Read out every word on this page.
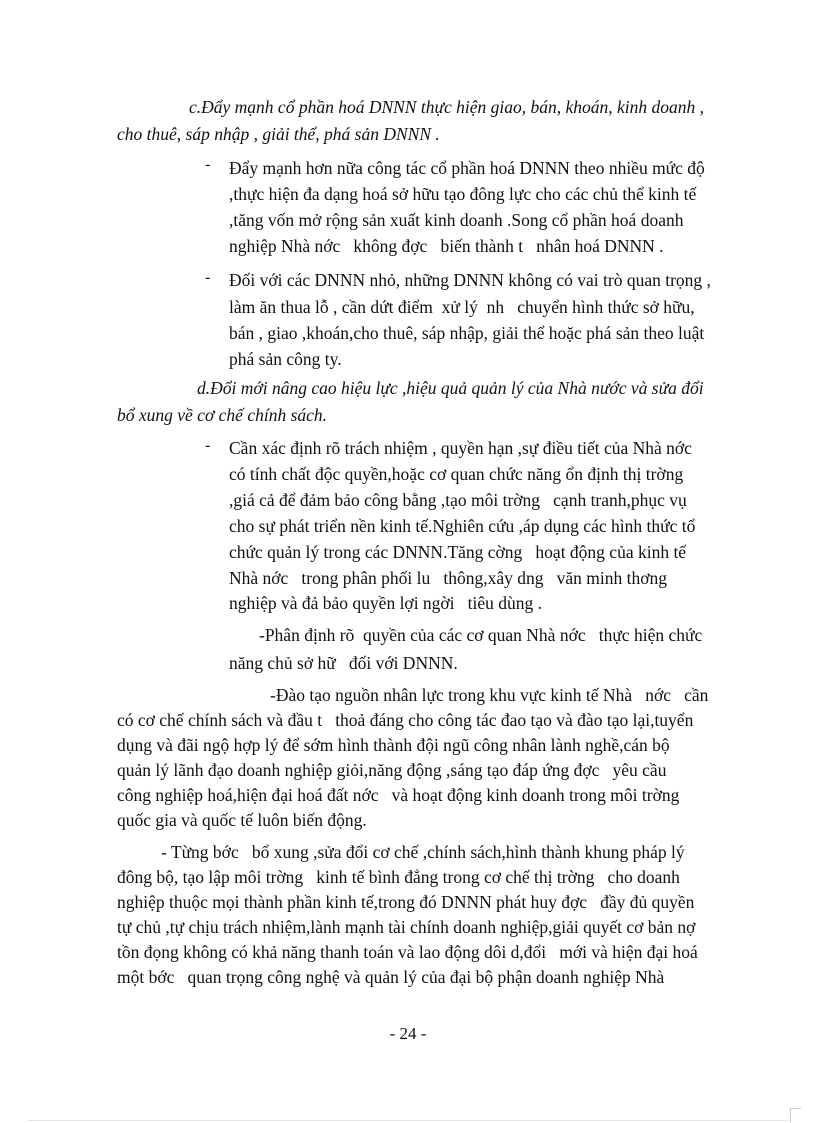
c.Đẩy mạnh cổ phần hoá DNNN thực hiện giao, bán, khoán, kinh doanh ,
cho thuê, sáp nhập , giải thể, phá sản DNNN .
- Đẩy mạnh hơn nữa công tác cổ phần hoá DNNN theo nhiều mức độ
,thực hiện đa dạng hoá sở hữu tạo đông lực cho các chủ thể kinh tế
,tăng vốn mở rộng sản xuất kinh doanh .Song cổ phần hoá doanh
nghiệp Nhà nớc   không đợc   biến thành t   nhân hoá DNNN .
- Đối với các DNNN nhỏ, những DNNN không có vai trò quan trọng ,
làm ăn thua lỗ , cần dứt điểm  xử lý  nh   chuyển hình thức sở hữu,
bán , giao ,khoán,cho thuê, sáp nhập, giải thể hoặc phá sản theo luật
phá sản công ty.
d.Đổi mới nâng cao hiệu lực ,hiệu quả quản lý của Nhà nước và sửa đổi
bổ xung về cơ chế chính sách.
- Cần xác định rõ trách nhiệm , quyền hạn ,sự điều tiết của Nhà nớc
có tính chất độc quyền,hoặc cơ quan chức năng ổn định thị trờng
,giá cả để đảm bảo công bằng ,tạo môi trờng   cạnh tranh,phục vụ
cho sự phát triển nền kinh tế.Nghiên cứu ,áp dụng các hình thức tổ
chức quản lý trong các DNNN.Tăng cờng   hoạt động của kinh tế
Nhà nớc   trong phân phối lu   thông,xây dng   văn minh thơng
nghiệp và đả bảo quyền lợi ngời   tiêu dùng .
-Phân định rõ  quyền của các cơ quan Nhà nớc   thực hiện chức
năng chủ sở hữ   đối với DNNN.
-Đào tạo nguồn nhân lực trong khu vực kinh tế Nhà   nớc   cần
có cơ chế chính sách và đầu t   thoả đáng cho công tác đao tạo và đào tạo lại,tuyển
dụng và đãi ngộ hợp lý để sớm hình thành đội ngũ công nhân lành nghề,cán bộ
quản lý lãnh đạo doanh nghiệp giỏi,năng động ,sáng tạo đáp ứng đợc   yêu cầu
công nghiệp hoá,hiện đại hoá đất nớc   và hoạt động kinh doanh trong môi trờng
quốc gia và quốc tế luôn biến động.
- Từng bớc   bổ xung ,sửa đổi cơ chế ,chính sách,hình thành khung pháp lý
đông bộ, tạo lập môi trờng   kinh tế bình đẳng trong cơ chế thị trờng   cho doanh
nghiệp thuộc mọi thành phần kinh tế,trong đó DNNN phát huy đợc   đầy đủ quyền
tự chủ ,tự chịu trách nhiệm,lành mạnh tài chính doanh nghiệp,giải quyết cơ bản nợ
tồn đọng không có khả năng thanh toán và lao động dôi d,đổi   mới và hiện đại hoá
một bớc   quan trọng công nghệ và quản lý của đại bộ phận doanh nghiệp Nhà
- 24 -
